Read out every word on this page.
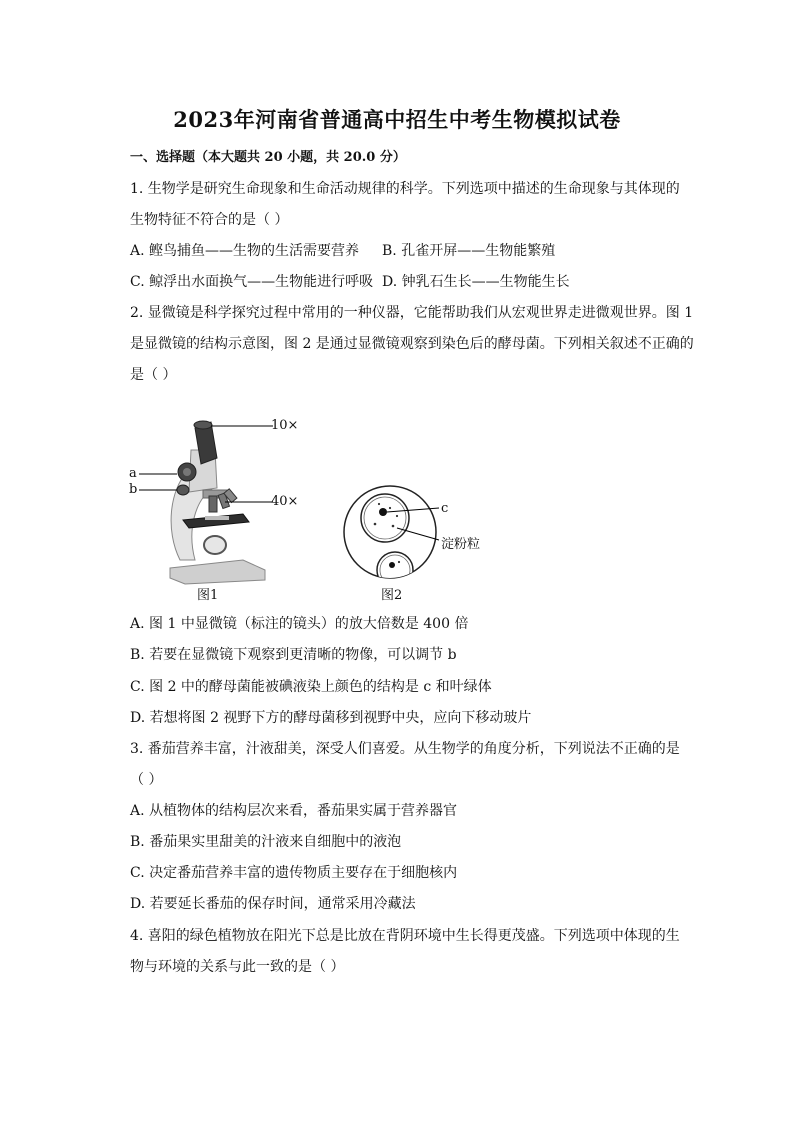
2023年河南省普通高中招生中考生物模拟试卷
一、选择题（本大题共 20 小题，共 20.0 分）
1. 生物学是研究生命现象和生命活动规律的科学。下列选项中描述的生命现象与其体现的
生物特征不符合的是（ ）
A. 鲣鸟捕鱼——生物的生活需要营养 B. 孔雀开屏——生物能繁殖
C. 鲸浮出水面换气——生物能进行呼吸 D. 钟乳石生长——生物能生长
2. 显微镜是科学探究过程中常用的一种仪器，它能帮助我们从宏观世界走进微观世界。图 1
是显微镜的结构示意图，图 2 是通过显微镜观察到染色后的酵母菌。下列相关叙述不正确的
是（ ）
10×
40×
a
b
图1
c
淀粉粒
图2
A. 图 1 中显微镜（标注的镜头）的放大倍数是 400 倍
B. 若要在显微镜下观察到更清晰的物像，可以调节 b
C. 图 2 中的酵母菌能被碘液染上颜色的结构是 c 和叶绿体
D. 若想将图 2 视野下方的酵母菌移到视野中央，应向下移动玻片
3. 番茄营养丰富，汁液甜美，深受人们喜爱。从生物学的角度分析，下列说法不正确的是
（ ）
A. 从植物体的结构层次来看，番茄果实属于营养器官
B. 番茄果实里甜美的汁液来自细胞中的液泡
C. 决定番茄营养丰富的遗传物质主要存在于细胞核内
D. 若要延长番茄的保存时间，通常采用冷藏法
4. 喜阳的绿色植物放在阳光下总是比放在背阴环境中生长得更茂盛。下列选项中体现的生
物与环境的关系与此一致的是（ ）
